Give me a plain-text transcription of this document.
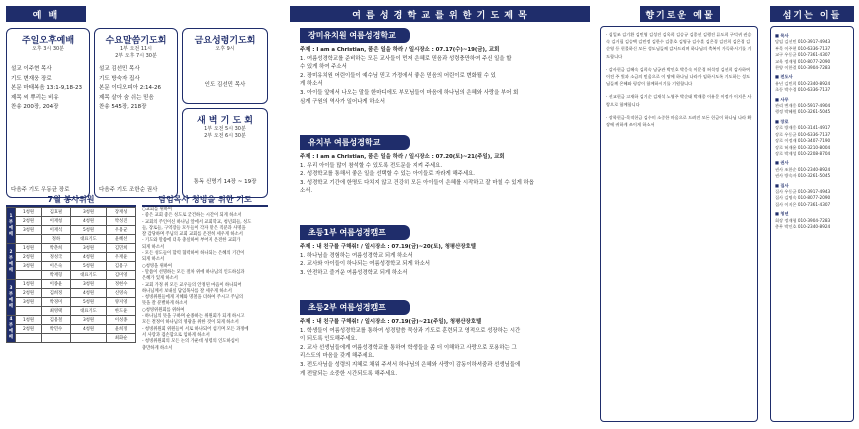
예 배
주일오후예배
오후 3시 30분
설교 이주현 목사
기도 변재웅 장로
본문 마태복음 13:1-9,18-23
제목 씨 뿌리는 비유
찬송 200장, 204장
다음주 기도 우동균 장로
수요말씀기도회
1부 오전 11시
2부 오후 7시 30분
설교 김선민 목사
기도 방숙자 집사
본문 이디오피아 2:14-26
제목 살아 숨 쉬는 믿음
찬송 545장, 218장
다음주 기도 조한순 권사
금요성령기도회
오후 9시
인도 김선민 목사
새 벽 기 도 회
1부 오전 5시 30분
2부 오전 6시 30분
통독 신명기 14장 ~ 19장
7월 봉사위원	담임목사 청빙을 위한 기도
1부예배	1청원	김효필	3청원	장재성
	2청원	이재청	4청원	박성진
	3청원	이재석	5청원	우용균
		정하	대표기도	윤혜선
2부예배	1청원	박춘희	3청원	김민희
	2청원	정성국	4청원	우재윤
	3청원	이은숙	5청원	김용구
		박재형	대표기도	김미영
3부예배	1청원	이종윤	3청원	정현수
	2청원	김희정	4청원	신영숙
	3청원	박경미	5청원	양지영
		최영택	대표기도	한도윤
4부예배	1청원	김용철	3청원	이성종
	2청원	박민수	4청원	윤희정
				최화순
○교회를 위하여
- 좋은 교회 좋은 성도로 굳건하는 시간이 되게 하소서
- 교회의 주인이신 하나님 앞에서 교회학교, 청년회들, 성도
들, 장로들, 구역장들 모두들이 각자 맡은 직분과 사명을
잘 감당하며 주님의 교회 교회를 온전히 세우게 하소서
- 기도와 말씀에 더욱 충실하여 부어지 온전한 교회가
되게 하소서
- 모든 성도들이 합력 협력하여 하나되는 은혜의 기간이
되게 하소서
○청빙을 위하여
- 말씀이 선명하는 모든 절차 위에 하나님의 인도하심과
은혜가 있게 하소서
- 교회 가정 위 모든 교우들의 안정된 마음이 하나되어
하나님께서 보내실 담임목사를 잘 세우게 하소서
- 청빙위원들에게 지혜와 명철을 더하여 주시고 주님의
뜻을 잘 분별하게 하소서
○청빙위원회를 위하여
- 하나님의 뜻을 구하며 순종하는 위원회가 되게 하시고
모든 결정이 하나님의 영광을 위한 것이 되게 하소서
- 청빙위원회 위원들이 서로 하나되어 섬기며 모든 과정에
서 사랑과 겸손함으로 임하게 하소서
- 청빙위원회의 모든 논의 가운데 성령의 인도하심이
충만하게 하소서
여 름 성 경 학 교 를 위 한 기 도 제 목
장미유치원 여름성경학교
주제 : I am a Christian, 품은 일을 하라 / 일시장소 : 07.17(수)~19(금), 교회
1. 여름성경학교를 준비하는 모든 교사들이 먼저 은혜로 믿음과 성령충만하여 주신 일을 할
수 있게 하여 주소서
2. 장미유치원 어린이들이 예수님 믿고 가정에서 좋은 믿음의 어린이로 변화될 수 있
게 하소서
3. 아이들 앞에서 나오는 말들 한마디에도 부모님들이 마음에 하나님의 은혜와 사랑을 부어 회
심게 구원의 역사가 일어나게 하소서
유치부 여름성경학교
주제 : I am a Christian, 품은 일을 하라 / 일시장소 : 07.20(토)~21(주일), 교회
1. 우리 아이들 많이 참석할 수 있도록 전도문을 지켜 주세요.
2. 성경학교를 통해서 좋은 일을 선택할 수 있는 아이들로 자라게 해주세요.
3. 성경학교 기간에 한명도 다치지 않고 건강히 모든 아이들이 은혜를 시작하고 잘 마칠 수 있게 하옵
소서.
초등1부 여름성경캠프
주제 : 내 친구를 구해줘! / 일시장소 : 07.19(금)~20(토), 청평산장호텔
1. 하나님을 경험하는 여름성경학교 되게 하소서
2. 교사와 아이들이 하나되는 여름성경학교 되게 하소서
3. 안전하고 즐거운 여름성경학교 되게 하소서
초등2부 여름성경캠프
주제 : 내 친구를 구해줘! / 일시장소 : 07.19(금)~21(주일), 청평산장호텔
1. 학생들이 여름성경학교를 통하여 성경말씀 묵상과 기도로 훈련되고 영적으로 성장하는 시간
이 되도록 인도해주세요.
2. 교사 선생님들에게 여름성경학교를 통하여 학생들을 좀 더 이해하고 사랑으로 포용하는 그
리스도의 마음을 갖게 해주세요.
3. 전도사님을 성령의 지혜로 채워 주셔서 하나님의 은혜와 사랑이 감동이하셔줌과 선생님들에
게 전달되는 소중한 시간되도록 해주세요.
향기로운 예물

· 십일조 김기환 김민영 김성진 김욱희 김승규 김종선 김행진 류도희 구덕귀 권승숙 김거필 김승택 김민정 김한수 김종호 김영규 김수훈 김은경 김진희 김은경 김순영 등 헌물하신 모든 성도님들께 감사드리며 하나님의 축복이 가득하시기를 기도합니다

· 감사헌금 김혜숙 김희숙 남궁관 박인호 박응숙 이문경 허석정 김선희 감사하여 이전 주 빛과 소금의 믿음으로 이 땅에 하나님 나라가 임하시도록 기도하는 성도님들께 은혜와 평강이 함께하시기를 기원합니다

· 선교헌금 고재하 김기순 김재석 노영주 박순태 박재종 이유문 이정가 이지은 사랑으로 함께합니다

· 장학헌금·목적헌금 김수미 소중한 마음으로 드려진 모든 헌금이 하나님 나라 확장에 귀하게 쓰이게 하소서

섬기는 이들
■ 목사
담임 김선민 010-3917-4943
부목 이주현 010-6336-7137
교구 우동균 010-7361-4307
교육 정재형 010-8077-2090
찬양 이한결 010-3904-7283
■ 전도사
유년 김민희 010-2340-8924
초등 박수경 010-6336-7137
■ 사무
관리 변재웅 010-5917-4904
행정 박혜원 010-3261-5045
■ 장로
장로 방재웅 010-3141-4917
장로 우동균 010-6336-7137
장로 이정재 010-3407-7190
장로 허재윤 010-3210-8004
장로 박제성 010-2208-8704
■ 권사
권사 조한순 010-2340-8924
권사 방숙자 010-3261-5045
■ 집사
집사 우동균 010-3917-4943
집사 김명숙 010-8077-2090
집사 이지은 010-7361-4307
■ 청년
회장 정재형 010-3904-7283
총무 박인호 010-2340-8924
